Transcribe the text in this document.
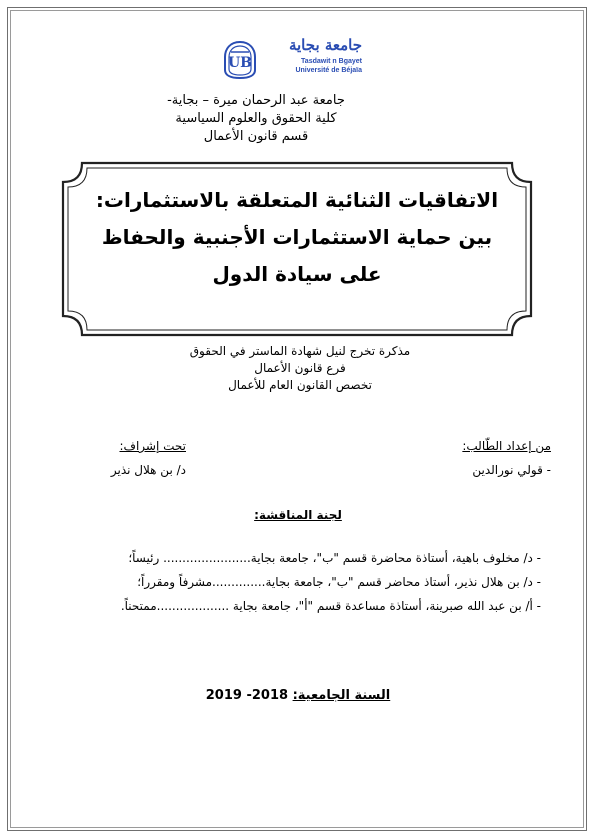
UB
جامعة بجاية
Tasdawit n Bgayet
Université de Béjaïa
جامعة عبد الرحمان ميرة – بجاية-
كلية الحقوق والعلوم السياسية
قسم قانون الأعمال
الاتفاقيات الثنائية المتعلقة بالاستثمارات:
بين حماية الاستثمارات الأجنبية والحفاظ
على سيادة الدول
مذكرة تخرج لنيل شهادة الماستر في الحقوق
فرع قانون الأعمال
تخصص القانون العام للأعمال
من إعداد الطّالب:
- قولي نورالدين
تحت إشراف:
د/ بن هلال نذير
لجنة المناقشة:
- د/ مخلوف باهية، أستاذة محاضرة قسم "ب"، جامعة بجاية....................... رئيساً؛
- د/ بن هلال نذير، أستاذ محاضر قسم "ب"، جامعة بجاية..............مشرفاً ومقرراً؛
- أ/ بن عبد الله صبرينة، أستاذة مساعدة قسم "أ"، جامعة بجاية ...................ممتحناً.
السنة الجامعية: 2018- 2019
